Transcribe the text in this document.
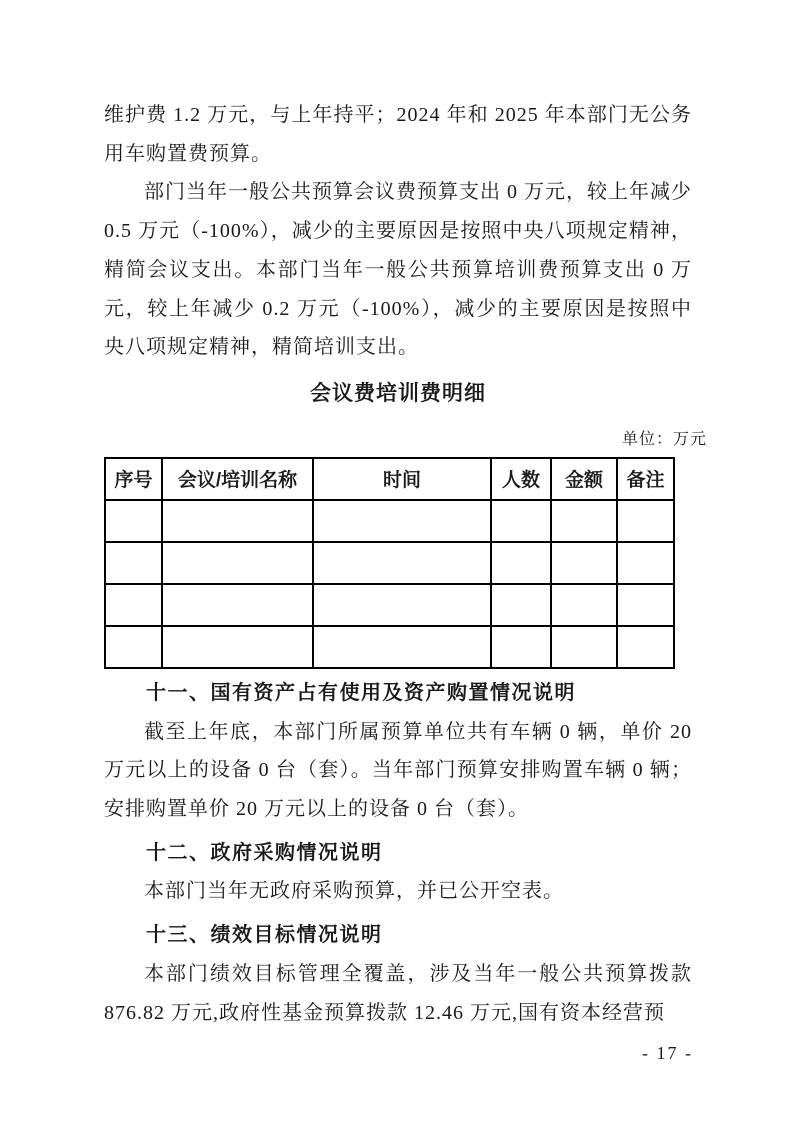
维护费 1.2 万元，与上年持平；2024 年和 2025 年本部门无公务用车购置费预算。

部门当年一般公共预算会议费预算支出 0 万元，较上年减少 0.5 万元（-100%），减少的主要原因是按照中央八项规定精神，精简会议支出。本部门当年一般公共预算培训费预算支出 0 万元，较上年减少 0.2 万元（-100%），减少的主要原因是按照中央八项规定精神，精简培训支出。

会议费培训费明细
单位：万元
序号	会议/培训名称	时间	人数	金额	备注

十一、国有资产占有使用及资产购置情况说明

截至上年底，本部门所属预算单位共有车辆 0 辆，单价 20 万元以上的设备 0 台（套）。当年部门预算安排购置车辆 0 辆；安排购置单价 20 万元以上的设备 0 台（套）。

十二、政府采购情况说明

本部门当年无政府采购预算，并已公开空表。

十三、绩效目标情况说明

本部门绩效目标管理全覆盖，涉及当年一般公共预算拨款 876.82 万元,政府性基金预算拨款 12.46 万元,国有资本经营预

- 17 -
